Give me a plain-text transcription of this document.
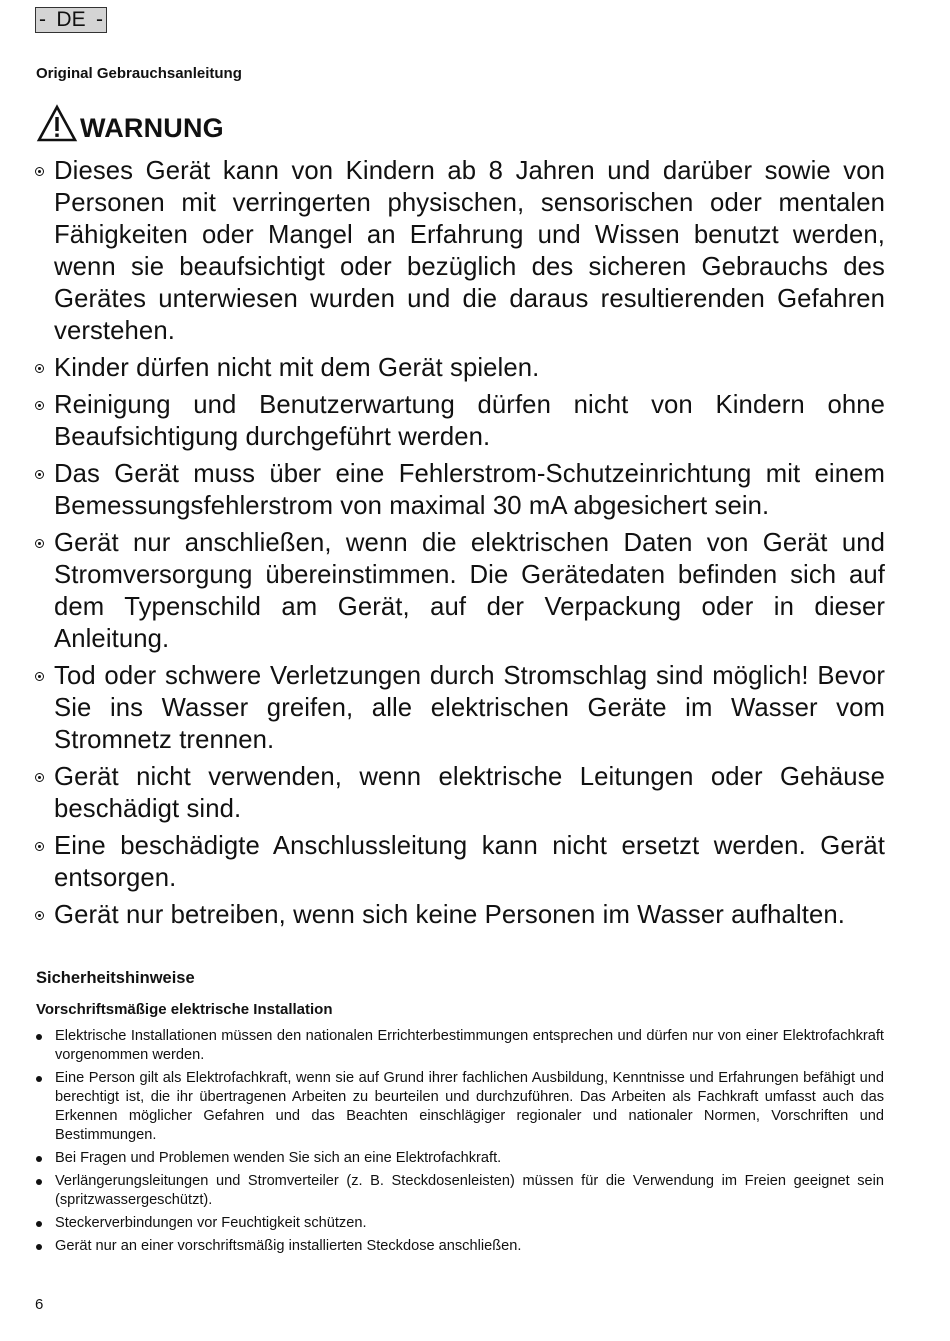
- DE -

Original Gebrauchsanleitung

WARNUNG
Dieses Gerät kann von Kindern ab 8 Jahren und darüber sowie von Personen mit verringerten physischen, sensorischen oder mentalen Fähigkeiten oder Mangel an Erfahrung und Wissen benutzt werden, wenn sie beaufsichtigt oder bezüglich des sicheren Gebrauchs des Gerätes unterwiesen wurden und die daraus resultierenden Gefahren verstehen.
Kinder dürfen nicht mit dem Gerät spielen.
Reinigung und Benutzerwartung dürfen nicht von Kindern ohne Beaufsichtigung durchgeführt werden.
Das Gerät muss über eine Fehlerstrom-Schutzeinrichtung mit einem Bemessungsfehlerstrom von maximal 30 mA abgesichert sein.
Gerät nur anschließen, wenn die elektrischen Daten von Gerät und Stromversorgung übereinstimmen. Die Gerätedaten befinden sich auf dem Typenschild am Gerät, auf der Verpackung oder in dieser Anleitung.
Tod oder schwere Verletzungen durch Stromschlag sind möglich! Bevor Sie ins Wasser greifen, alle elektrischen Geräte im Wasser vom Stromnetz trennen.
Gerät nicht verwenden, wenn elektrische Leitungen oder Gehäuse beschädigt sind.
Eine beschädigte Anschlussleitung kann nicht ersetzt werden. Gerät entsorgen.
Gerät nur betreiben, wenn sich keine Personen im Wasser aufhalten.

Sicherheitshinweise

Vorschriftsmäßige elektrische Installation

Elektrische Installationen müssen den nationalen Errichterbestimmungen entsprechen und dürfen nur von einer Elektrofachkraft vorgenommen werden.
Eine Person gilt als Elektrofachkraft, wenn sie auf Grund ihrer fachlichen Ausbildung, Kenntnisse und Erfahrungen befähigt und berechtigt ist, die ihr übertragenen Arbeiten zu beurteilen und durchzuführen. Das Arbeiten als Fachkraft umfasst auch das Erkennen möglicher Gefahren und das Beachten einschlägiger regionaler und nationaler Normen, Vorschriften und Bestimmungen.
Bei Fragen und Problemen wenden Sie sich an eine Elektrofachkraft.
Verlängerungsleitungen und Stromverteiler (z. B. Steckdosenleisten) müssen für die Verwendung im Freien geeignet sein (spritzwassergeschützt).
Steckerverbindungen vor Feuchtigkeit schützen.
Gerät nur an einer vorschriftsmäßig installierten Steckdose anschließen.

6
